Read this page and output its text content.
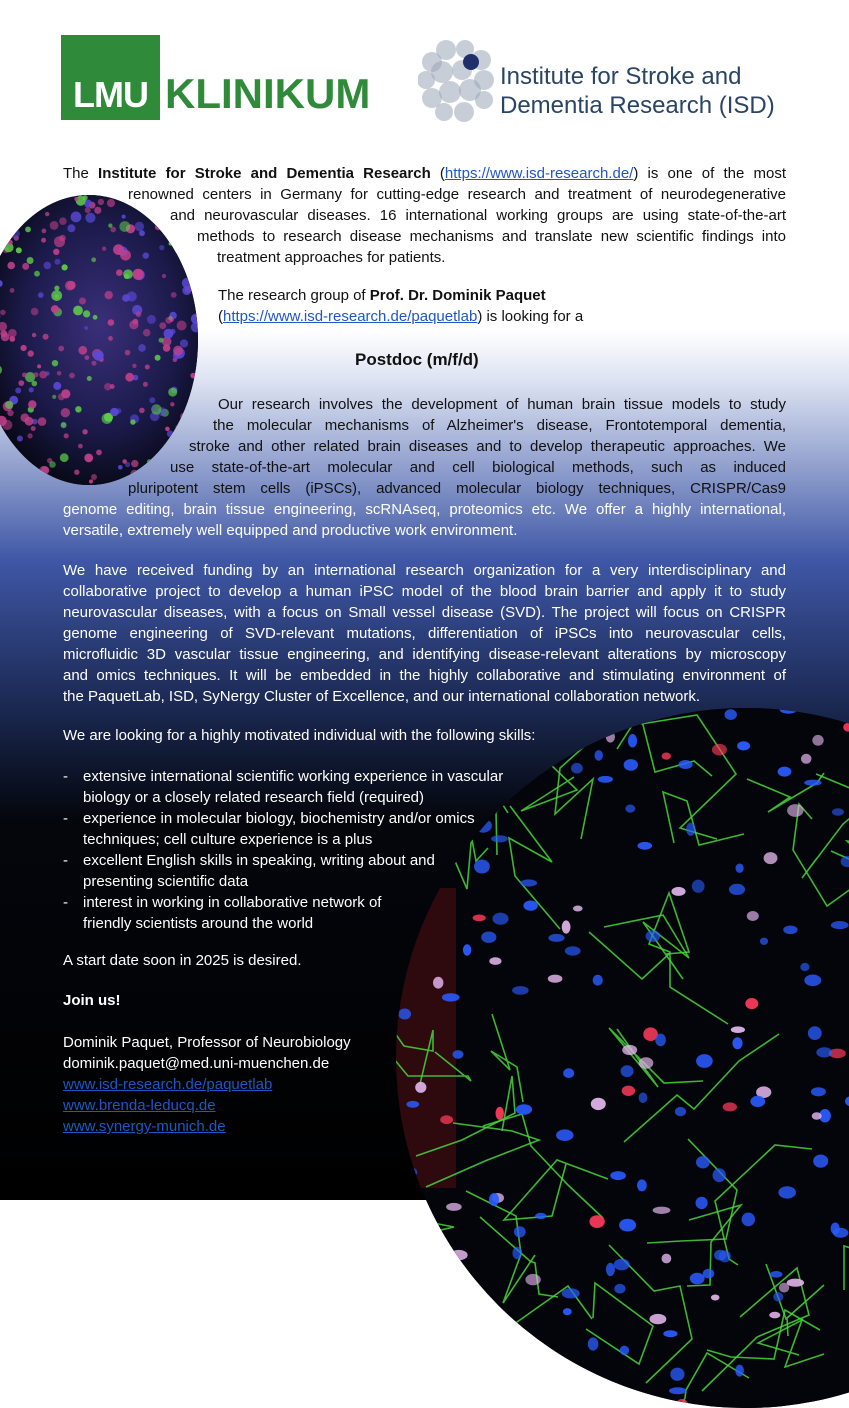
LMU KLINIKUM	Institute for Stroke and
Dementia Research (ISD)
The Institute for Stroke and Dementia Research (https://www.isd-research.de/) is one of the most
renowned centers in Germany for cutting-edge research and treatment of neurodegenerative
and neurovascular diseases. 16 international working groups are using state-of-the-art
methods to research disease mechanisms and translate new scientific findings into
treatment approaches for patients.
The research group of Prof. Dr. Dominik Paquet
(https://www.isd-research.de/paquetlab) is looking for a
Postdoc (m/f/d)
Our research involves the development of human brain tissue models to study
the molecular mechanisms of Alzheimer's disease, Frontotemporal dementia,
stroke and other related brain diseases and to develop therapeutic approaches. We
use state-of-the-art molecular and cell biological methods, such as induced
pluripotent stem cells (iPSCs), advanced molecular biology techniques, CRISPR/Cas9
genome editing, brain tissue engineering, scRNAseq, proteomics etc. We offer a highly international,
versatile, extremely well equipped and productive work environment.
We have received funding by an international research organization for a very interdisciplinary and
collaborative project to develop a human iPSC model of the blood brain barrier and apply it to study
neurovascular diseases, with a focus on Small vessel disease (SVD). The project will focus on CRISPR
genome engineering of SVD-relevant mutations, differentiation of iPSCs into neurovascular cells,
microfluidic 3D vascular tissue engineering, and identifying disease-relevant alterations by microscopy
and omics techniques. It will be embedded in the highly collaborative and stimulating environment of
the PaquetLab, ISD, SyNergy Cluster of Excellence, and our international collaboration network.
We are looking for a highly motivated individual with the following skills:
- extensive international scientific working experience in vascular
biology or a closely related research field (required)
- experience in molecular biology, biochemistry and/or omics
techniques; cell culture experience is a plus
- excellent English skills in speaking, writing about and
presenting scientific data
- interest in working in collaborative network of
friendly scientists around the world
A start date soon in 2025 is desired.
Join us!
Dominik Paquet, Professor of Neurobiology
dominik.paquet@med.uni-muenchen.de
www.isd-research.de/paquetlab
www.brenda-leducq.de
www.synergy-munich.de
